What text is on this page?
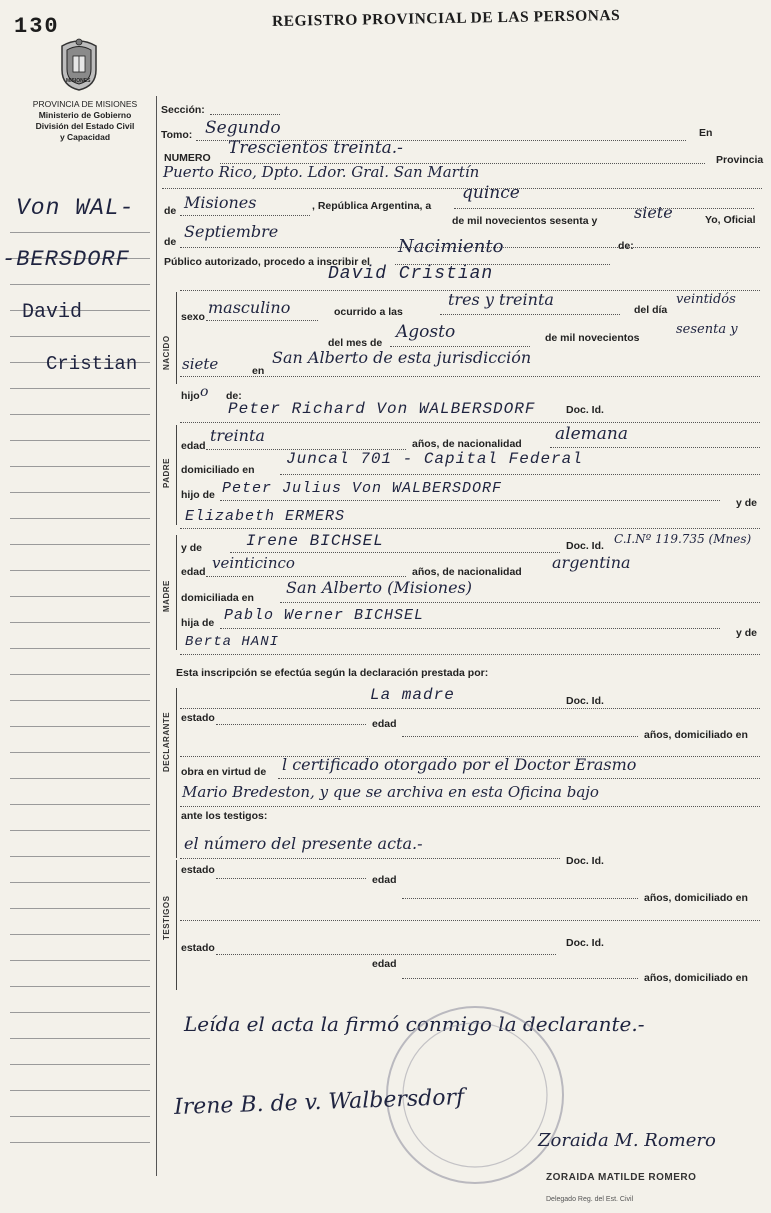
130
MISIONES
PROVINCIA DE MISIONES
Ministerio de Gobierno
División del Estado Civil
y Capacidad
REGISTRO PROVINCIAL DE LAS PERSONAS
Von WAL-
-BERSDORF
David
Cristian
Sección:
Tomo: Segundo	En
NUMERO Trescientos treinta.-
Provincia
Puerto Rico, Dpto. Ldor. Gral. San Martín
de Misiones	, República Argentina, a
quince
de mil novecientos sesenta y siete	Yo, Oficial
de
Septiembre
Público autorizado, procedo a inscribir el
Nacimiento	de:
NACIDO
David Cristian
sexo masculino	ocurrido a las
tres y treinta
del día
veintidós
del mes de
Agosto	de mil novecientos
sesenta y
siete	en
San Alberto de esta jurisdicción
hijo o de:
PADRE
Peter Richard Von WALBERSDORF	Doc. Id.
edad
treinta	años, de nacionalidad alemana
domiciliado en
Juncal 701 - Capital Federal
hijo de Peter Julius Von WALBERSDORF
y de
Elizabeth ERMERS
MADRE
y de	Irene BICHSEL	Doc. Id. C.I.Nº 119.735 (Mnes)
edad veinticinco	años, de nacionalidad argentina
domiciliada en
San Alberto (Misiones)
hija de Pablo Werner BICHSEL
y de
Berta HANI
Esta inscripción se efectúa según la declaración prestada por:
DECLARANTE
La madre	Doc. Id.
estado	edad
años, domiciliado en
obra en virtud de l certificado otorgado por el Doctor Erasmo
Mario Bredeston, y que se archiva en esta Oficina bajo
ante los testigos:
el número del presente acta.-
TESTIGOS
Doc. Id.
estado
edad
años, domiciliado en
Doc. Id.
estado
edad
años, domiciliado en
Leída el acta la firmó conmigo la declarante.-
Irene B. de v. Walbersdorf
Zoraida M. Romero
ZORAIDA MATILDE ROMERO
Delegado Reg. del Est. Civil
